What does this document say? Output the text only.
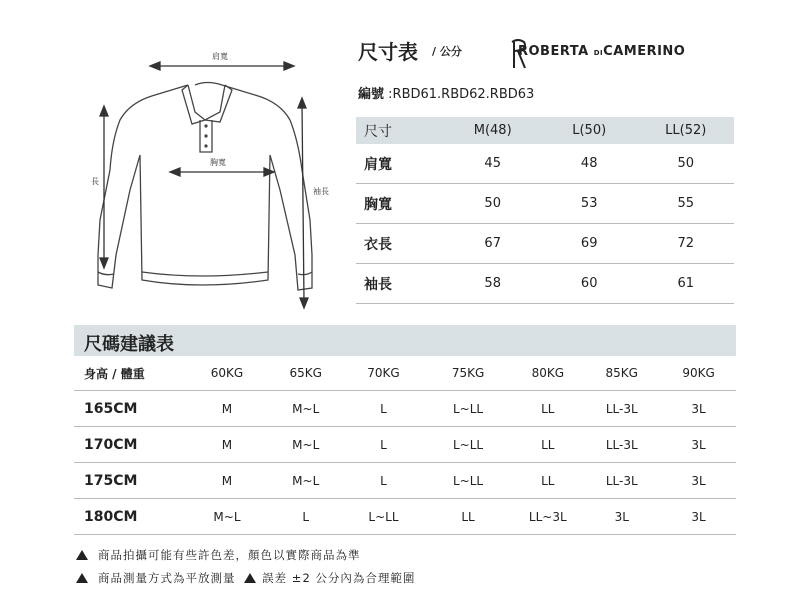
肩寬
胸寬
長
袖長
尺寸表 / 公分	ROBERTA DICAMERINO
編號 :RBD61.RBD62.RBD63
尺寸	M(48)	L(50)	LL(52)
肩寬	45	48	50
胸寬	50	53	55
衣長	67	69	72
袖長	58	60	61
尺碼建議表
身高 / 體重	60KG	65KG	70KG	75KG	80KG	85KG	90KG
165CM	M	M~L	L	L~LL	LL	LL-3L	3L
170CM	M	M~L	L	L~LL	LL	LL-3L	3L
175CM	M	M~L	L	L~LL	LL	LL-3L	3L
180CM	M~L	L	L~LL	LL	LL~3L	3L	3L
商品拍攝可能有些許色差，顏色以實際商品為準
商品測量方式為平放測量 誤差 ±2 公分內為合理範圍
